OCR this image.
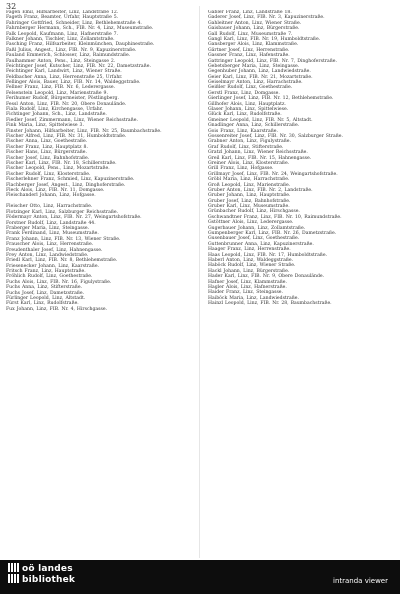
32
Fagen Emil, Hilfsarbeiter, Linz, Landstraße 12.
Fageth Franz, Beamter, Urfahr, Hauptstraße 5.
Fahringer Gottfried, Schneider, Linz, Bethlehemstraße 4.
Fahrnberger Hermann, Sch., FIB. Nr. 4, Linz, Museumstraße.
Falk Leopold, Kaufmann, Linz, Hafnerstraße 7.
Falkner Johann, Tischler, Linz, Zollamtstraße.
Fasching Franz, Hilfsarbeiter, Kleinmünchen, Dauphinestraße.
Faßl Julius, Angest., Linz, FIB. Nr. 9, Kapuzinerstraße.
Fauland Emmerich, Schlosser, Linz, Raimundstraße.
Faulhammer Anton, Pens., Linz, Steingasse 2.
Feichtinger Josef, Kutscher, Linz, FIB. Nr. 22, Dametzstraße.
Feichtinger Karl, Landwirt, Linz, Wiener Straße.
Feldbacher Anna, Linz, Herrenstraße 25, Urfahr.
Fellinger Alois, Bauer, Linz, FIB. Nr. 14, Waldeggstraße.
Fellner Franz, Linz, FIB. Nr. 6, Lederergasse.
Felsenstein Leopold, Linz, Marienstraße 9.
Ferihumer Rudolf, Bürgermeister, Pöstlingberg.
Fessl Anton, Linz, FIB. Nr. 20, Obere Donaulände.
Fiala Rudolf, Linz, Kirchengasse, Urfahr.
Fichtinger Johann, Sch., Linz, Landstraße.
Fiedler Josef, Zimmermann, Linz, Wiener Reichsstraße.
Fink Maria, Linz, Spittelwiese 3.
Finster Johann, Hilfsarbeiter, Linz, FIB. Nr. 25, Baumbachstraße.
Fischer Alfred, Linz, FIB. Nr. 31, Humboldtstraße.
Fischer Anna, Linz, Goethestraße.
Fischer Franz, Linz, Hauptplatz 8.
Fischer Hans, Linz, Bürgerstraße.
Fischer Josef, Linz, Bahnhofstraße.
Fischer Karl, Linz, FIB. Nr. 18, Schillerstraße.
Fischer Leopold, Pens., Linz, Mozartstraße.
Fischer Rudolf, Linz, Klosterstraße.
Fischerlehner Franz, Schmied, Linz, Kapuzinerstraße.
Flachberger Josef, Angest., Linz, Dinghoferstraße.
Fleck Alois, Linz, FIB. Nr. 11, Domgasse.
Fleischanderl Johann, Linz, Hofgasse.
Fleischer Otto, Linz, Harrachstraße.
Flotzinger Karl, Linz, Salzburger Reichsstraße.
Födermayr Anton, Linz, FIB. Nr. 27, Weingartshofstraße.
Forstner Rudolf, Linz, Landstraße 44.
Fraberger Maria, Linz, Steingasse.
Frank Ferdinand, Linz, Museumstraße.
Franz Johann, Linz, FIB. Nr. 13, Wiener Straße.
Frauscher Alois, Linz, Herrenstraße.
Freudenthaler Josef, Linz, Hahnengasse.
Frey Anton, Linz, Landwiedstraße.
Friedl Karl, Linz, FIB. Nr. 8, Bethlehemstraße.
Friesenecker Johann, Linz, Kaarstraße.
Fritsch Franz, Linz, Hauptstraße.
Fröhlich Rudolf, Linz, Goethestraße.
Fuchs Alois, Linz, FIB. Nr. 16, Figulystraße.
Fuchs Anna, Linz, Stifterstraße.
Fuchs Josef, Linz, Dametzstraße.
Fürlinger Leopold, Linz, Altstadt.
Fürst Karl, Linz, Rudolfstraße.
Fux Johann, Linz, FIB. Nr. 4, Hirschgasse.
Gabler Franz, Linz, Landstraße 18.
Gaderer Josef, Linz, FIB. Nr. 3, Kapuzinerstraße.
Gahleitner Anton, Linz, Wiener Straße.
Gaisbauer Johann, Linz, Bürgerstraße.
Gall Rudolf, Linz, Museumstraße 7.
Gangl Karl, Linz, FIB. Nr. 19, Humboldtstraße.
Gansberger Alois, Linz, Klammstraße.
Gärtner Josef, Linz, Herrenstraße.
Gassner Franz, Linz, Hafenstraße.
Gattringer Leopold, Linz, FIB. Nr. 7, Dinghoferstraße.
Gebetsberger Maria, Linz, Steingasse.
Gegenhuber Johann, Linz, Landwiedstraße.
Geier Karl, Linz, FIB. Nr. 21, Mozartstraße.
Geiselmayr Anton, Linz, Harrachstraße.
Geißler Rudolf, Linz, Goethestraße.
Gerstl Franz, Linz, Domgasse.
Gierlinger Josef, Linz, FIB. Nr. 12, Bethlehemstraße.
Gillhofer Alois, Linz, Hauptplatz.
Glaser Johann, Linz, Spittelwiese.
Glück Karl, Linz, Rudolfstraße.
Gmeiner Leopold, Linz, FIB. Nr. 5, Altstadt.
Gnadlinger Anna, Linz, Schillerstraße.
Gois Franz, Linz, Kaarstraße.
Gossenreiter Josef, Linz, FIB. Nr. 30, Salzburger Straße.
Grabner Anton, Linz, Figulystraße.
Graf Rudolf, Linz, Stifterstraße.
Gratzl Johann, Linz, Wiener Reichsstraße.
Greil Karl, Linz, FIB. Nr. 15, Hahnengasse.
Greiner Alois, Linz, Klosterstraße.
Grill Franz, Linz, Hofgasse.
Grillmayr Josef, Linz, FIB. Nr. 24, Weingartshofstraße.
Gröbl Maria, Linz, Harrachstraße.
Groß Leopold, Linz, Marienstraße.
Gruber Anton, Linz, FIB. Nr. 2, Landstraße.
Gruber Johann, Linz, Hauptstraße.
Gruber Josef, Linz, Bahnhofstraße.
Gruber Karl, Linz, Museumstraße.
Grünbacher Rudolf, Linz, Hirschgasse.
Gschwandtner Franz, Linz, FIB. Nr. 10, Raimundstraße.
Gstöttner Alois, Linz, Lederergasse.
Gugerbauer Johann, Linz, Zollamtstraße.
Gumpenberger Karl, Linz, FIB. Nr. 26, Dametzstraße.
Gusenbauer Josef, Linz, Goethestraße.
Guttenbrunner Anna, Linz, Kapuzinerstraße.
Haager Franz, Linz, Herrenstraße.
Haas Leopold, Linz, FIB. Nr. 17, Humboldtstraße.
Haberl Anton, Linz, Waldeggstraße.
Haböck Rudolf, Linz, Wiener Straße.
Hackl Johann, Linz, Bürgerstraße.
Hader Karl, Linz, FIB. Nr. 9, Obere Donaulände.
Hafner Josef, Linz, Klammstraße.
Hagler Alois, Linz, Hafnerstraße.
Haider Franz, Linz, Steingasse.
Haiböck Maria, Linz, Landwiedstraße.
Hainzl Leopold, Linz, FIB. Nr. 28, Baumbachstraße.
oö landes
bibliothek	intranda viewer
